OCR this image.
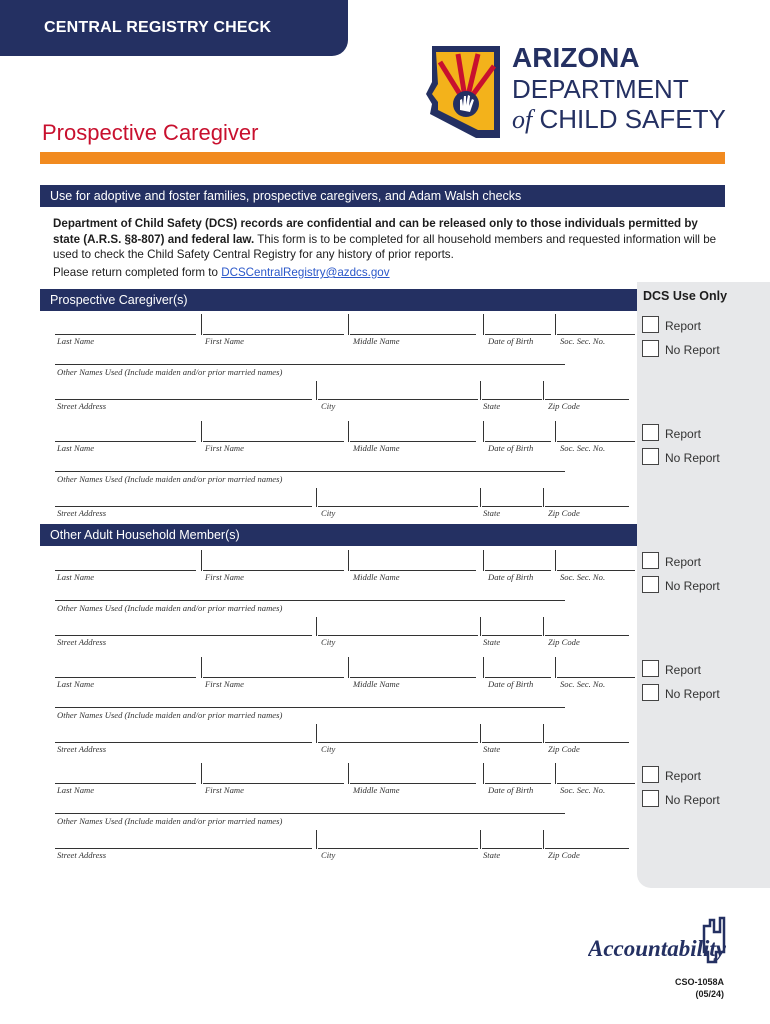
CENTRAL REGISTRY CHECK
Prospective Caregiver
ARIZONA
DEPARTMENT
of CHILD SAFETY
Use for adoptive and foster families, prospective caregivers, and Adam Walsh checks
Department of Child Safety (DCS) records are confidential and can be released only to those individuals permitted by state (A.R.S. §8-807) and federal law. This form is to be completed for all household members and requested information will be used to check the Child Safety Central Registry for any history of prior reports.
Please return completed form to DCSCentralRegistry@azdcs.gov
DCS Use Only
Prospective Caregiver(s)
Other Adult Household Member(s)
Last Name	First Name	Middle Name	Date of Birth	Soc. Sec. No.
Other Names Used (Include maiden and/or prior married names)
Street Address	City	State	Zip Code
Report
No Report
Last Name	First Name	Middle Name	Date of Birth	Soc. Sec. No.
Other Names Used (Include maiden and/or prior married names)
Street Address	City	State	Zip Code
Report
No Report
Last Name	First Name	Middle Name	Date of Birth	Soc. Sec. No.
Other Names Used (Include maiden and/or prior married names)
Street Address	City	State	Zip Code
Report
No Report
Last Name	First Name	Middle Name	Date of Birth	Soc. Sec. No.
Other Names Used (Include maiden and/or prior married names)
Street Address	City	State	Zip Code
Report
No Report
Last Name	First Name	Middle Name	Date of Birth	Soc. Sec. No.
Other Names Used (Include maiden and/or prior married names)
Street Address	City	State	Zip Code
Report
No Report
Accountability
CSO-1058A
(05/24)
